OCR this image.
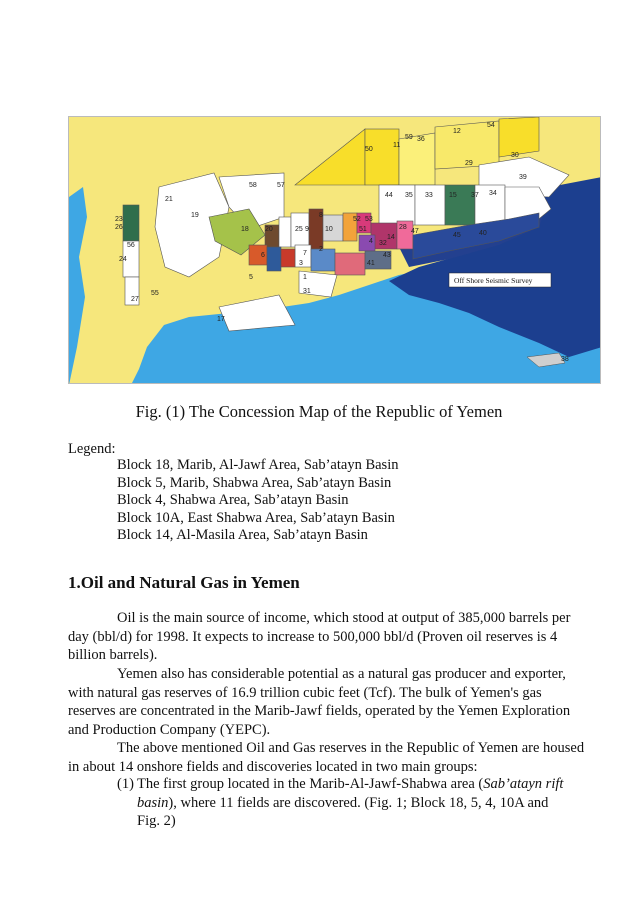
Off Shore Seismic Survey
54
12
36
11
50
59
29
30
39
44 35 33 15 37 34
58	57
21
19
18 20
8
52 53
51	28
25 9
4
14
32
47
45	40
10
6
56
24
23
26
27
5
3
2
17
31
41
43
1
55
38
7
Fig. (1) The Concession Map of the Republic of Yemen
Legend:
Block 18, Marib, Al-Jawf Area, Sab’atayn Basin
Block 5, Marib, Shabwa Area, Sab’atayn Basin
Block 4, Shabwa Area, Sab’atayn Basin
Block 10A, East Shabwa Area, Sab’atayn Basin
Block 14, Al-Masila Area, Sab’atayn Basin
1.Oil and Natural Gas in Yemen

Oil is the main source of income, which stood at output of 385,000 barrels per day (bbl/d) for 1998. It expects to increase to 500,000 bbl/d (Proven oil reserves is 4 billion barrels).

Yemen also has considerable potential as a natural gas producer and exporter, with natural gas reserves of 16.9 trillion cubic feet (Tcf). The bulk of Yemen's gas reserves are concentrated in the Marib-Jawf fields, operated by the Yemen Exploration and Production Company (YEPC).

The above mentioned Oil and Gas reserves in the Republic of Yemen are housed in about 14 onshore fields and discoveries located in two main groups:

(1) The first group located in the Marib-Al-Jawf-Shabwa area (Sab’atayn rift
basin), where 11 fields are discovered. (Fig. 1; Block 18, 5, 4, 10A and
Fig. 2)
